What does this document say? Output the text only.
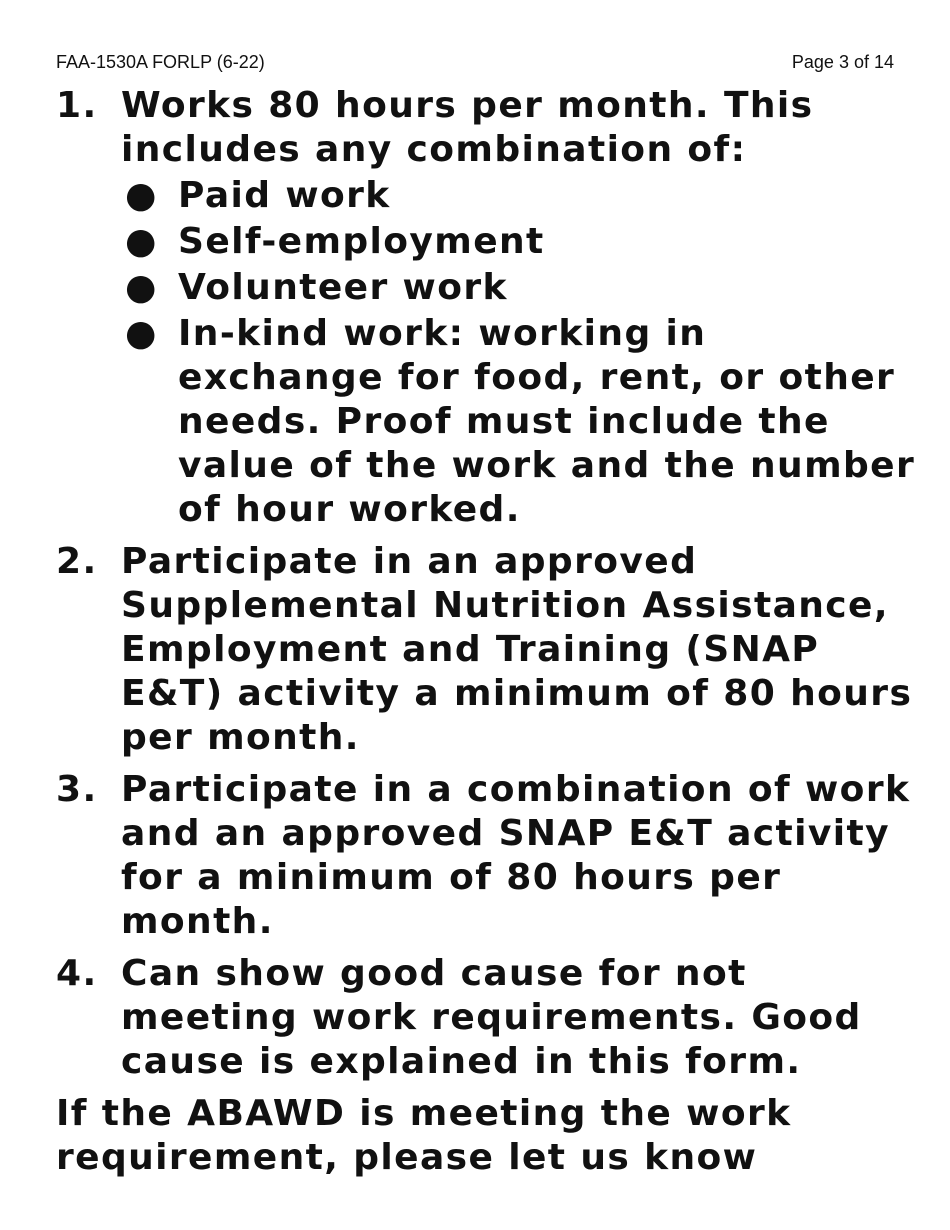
FAA-1530A FORLP (6-22)	Page 3 of 14
1. Works 80 hours per month. This includes any combination of:
● Paid work
● Self-employment
● Volunteer work
● In-kind work: working in exchange for food, rent, or other needs. Proof must include the value of the work and the number of hour worked.
2. Participate in an approved Supplemental Nutrition Assistance, Employment and Training (SNAP E&T) activity a minimum of 80 hours per month.
3. Participate in a combination of work and an approved SNAP E&T activity for a minimum of 80 hours per month.
4. Can show good cause for not meeting work requirements. Good cause is explained in this form.
If the ABAWD is meeting the work requirement, please let us know
